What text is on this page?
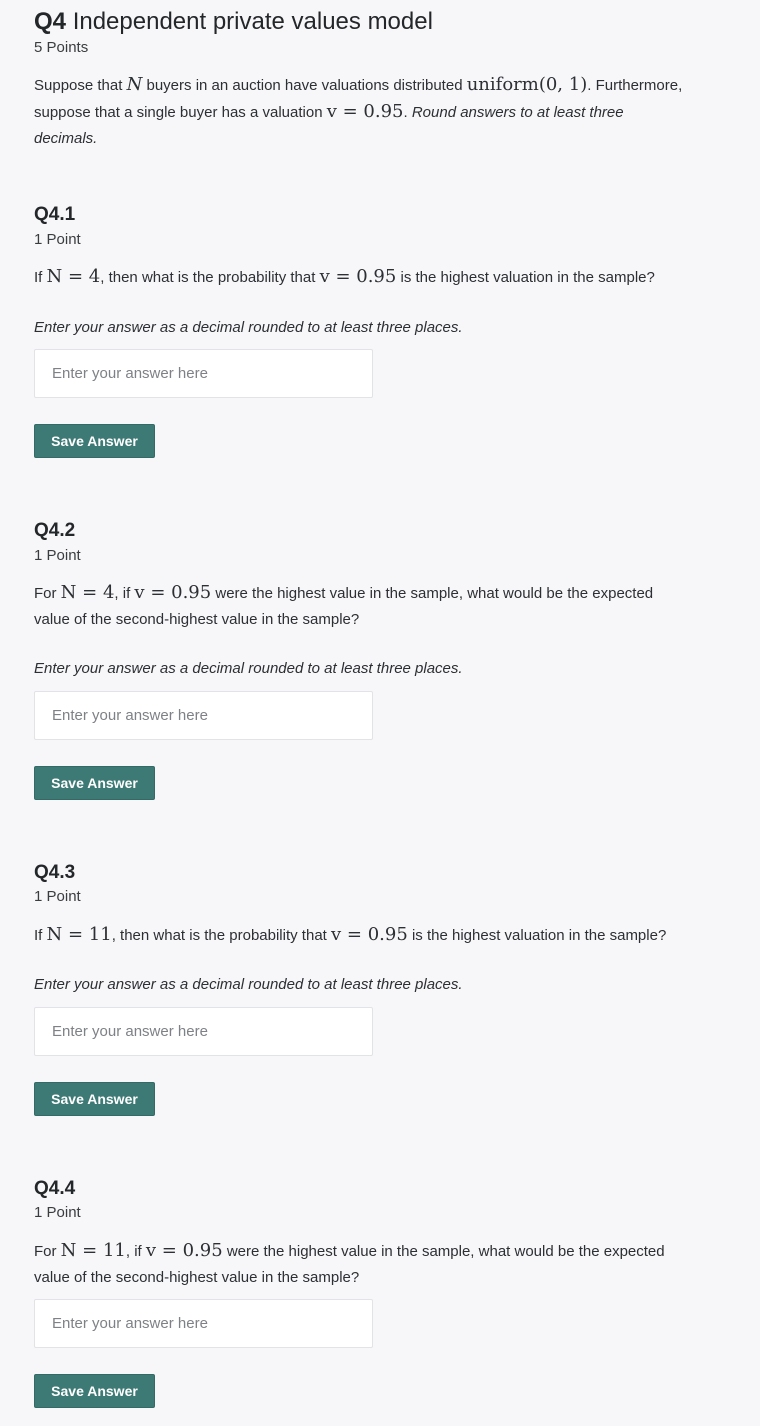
Q4 Independent private values model
5 Points
Suppose that N buyers in an auction have valuations distributed uniform(0, 1). Furthermore,
suppose that a single buyer has a valuation v = 0.95. Round answers to at least three
decimals.
Q4.1
1 Point
If N = 4, then what is the probability that v = 0.95 is the highest valuation in the sample?
Enter your answer as a decimal rounded to at least three places.
Enter your answer here
Save Answer
Q4.2
1 Point
For N = 4, if v = 0.95 were the highest value in the sample, what would be the expected
value of the second-highest value in the sample?
Enter your answer as a decimal rounded to at least three places.
Enter your answer here
Save Answer
Q4.3
1 Point
If N = 11, then what is the probability that v = 0.95 is the highest valuation in the sample?
Enter your answer as a decimal rounded to at least three places.
Enter your answer here
Save Answer
Q4.4
1 Point
For N = 11, if v = 0.95 were the highest value in the sample, what would be the expected
value of the second-highest value in the sample?
Enter your answer here
Save Answer
